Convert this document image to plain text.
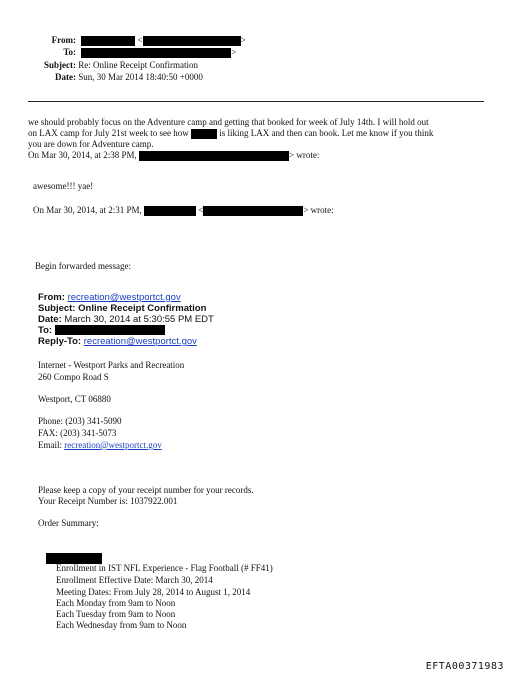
From:	<	>
To:	>
Subject: Re: Online Receipt Confirmation
Date: Sun, 30 Mar 2014 18:40:50 +0000
we should probably focus on the Adventure camp and getting that booked for week of July 14th. I will hold out
on LAX camp for July 21st week to see how	is liking LAX and then can book. Let me know if you think
you are down for Adventure camp.
On Mar 30, 2014, at 2:38 PM,	> wrote:
awesome!!! yae!
On Mar 30, 2014, at 2:31 PM,	<	> wrote:
Begin forwarded message:
From: recreation@westportct.gov
Subject: Online Receipt Confirmation
Date: March 30, 2014 at 5:30:55 PM EDT
To:
Reply-To: recreation@westportct.gov
Internet - Westport Parks and Recreation
260 Compo Road S
Westport, CT 06880
Phone: (203) 341-5090
FAX: (203) 341-5073
Email: recreation@westportct.gov
Please keep a copy of your receipt number for your records.
Your Receipt Number is: 1037922.001
Order Summary:
Enrollment in IST NFL Experience - Flag Football (# FF41)
Enrollment Effective Date: March 30, 2014
Meeting Dates: From July 28, 2014 to August 1, 2014
Each Monday from 9am to Noon
Each Tuesday from 9am to Noon
Each Wednesday from 9am to Noon
EFTA00371983
